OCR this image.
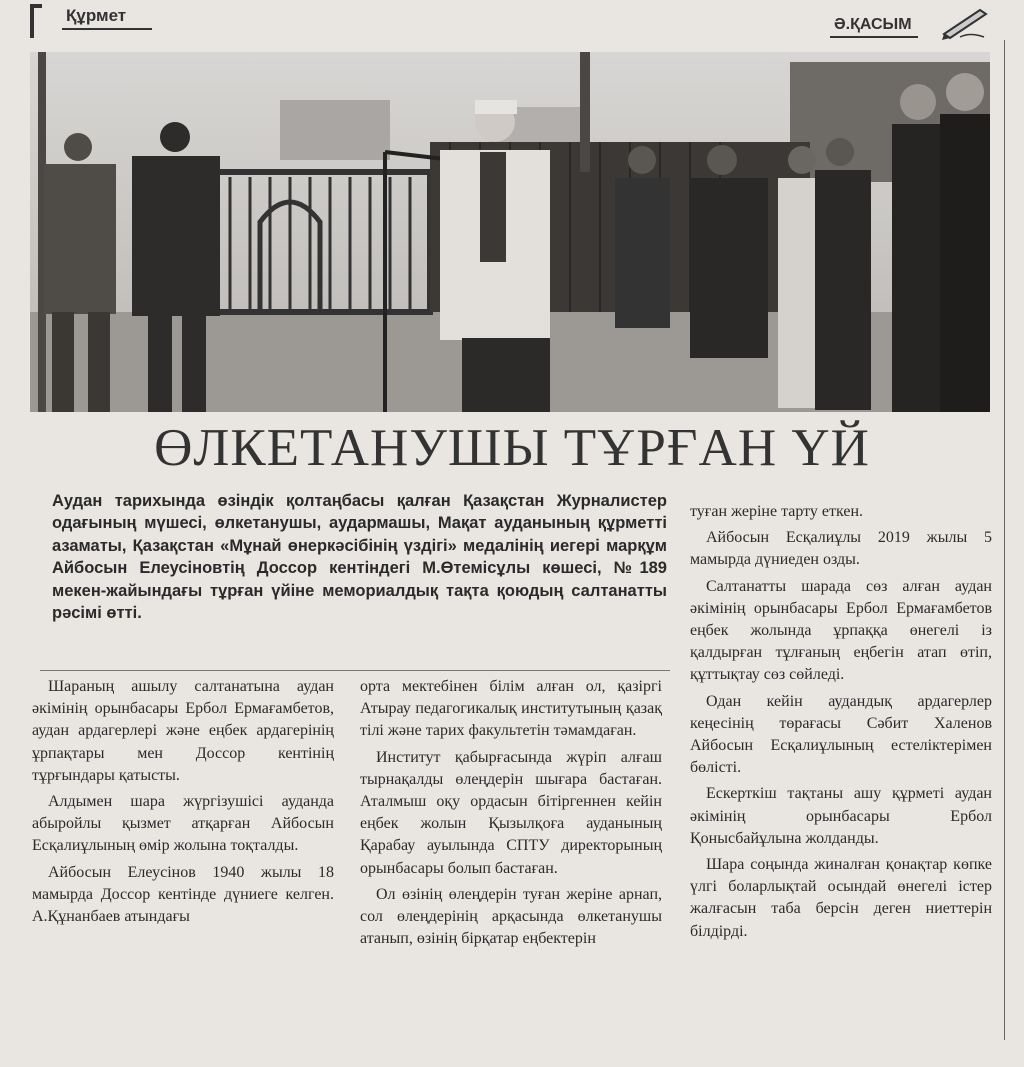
Құрмет	Ә.ҚАСЫМ
ӨЛКЕТАНУШЫ ТҰРҒАН ҮЙ

Аудан тарихында өзіндік қолтаңбасы қалған Қазақстан Журналистер одағының мүшесі, өлкетанушы, аудармашы, Мақат ауданының құрметті азаматы, Қазақстан «Мұнай өнеркәсібінің үздігі» медалінің иегері марқұм Айбосын Елеусіновтің Доссор кентіндегі М.Өтемісұлы көшесі, №189 мекен-жайындағы тұрған үйіне мемориалдық тақта қоюдың салтанатты рәсімі өтті.

Шараның ашылу салтанатына аудан әкімінің орынбасары Ербол Ермағамбетов, аудан ардагерлері және еңбек ардагерінің ұрпақтары мен Доссор кентінің тұрғындары қатысты.

Алдымен шара жүргізушісі ауданда абыройлы қызмет атқарған Айбосын Есқалиұлының өмір жолына тоқталды.

Айбосын Елеусінов 1940 жылы 18 мамырда Доссор кентінде дүниеге келген. А.Құнанбаев атындағы

орта мектебінен білім алған ол, қазіргі Атырау педагогикалық институтының қазақ тілі және тарих факультетін тәмамдаған.

Институт қабырғасында жүріп алғаш тырнақалды өлеңдерін шығара бастаған. Аталмыш оқу ордасын бітіргеннен кейін еңбек жолын Қызылқоға ауданының Қарабау ауылында СПТУ директорының орынбасары болып бастаған.

Ол өзінің өлеңдерін туған жеріне арнап, сол өлеңдерінің арқасында өлкетанушы атанып, өзінің бірқатар еңбектерін

туған жеріне тарту еткен.

Айбосын Есқалиұлы 2019 жылы 5 мамырда дүниеден озды.

Салтанатты шарада сөз алған аудан әкімінің орынбасары Ербол Ермағамбетов еңбек жолында ұрпаққа өнегелі із қалдырған тұлғаның еңбегін атап өтіп, құттықтау сөз сөйледі.

Одан кейін аудандық ардагерлер кеңесінің төрағасы Сәбит Халенов Айбосын Есқалиұлының естеліктерімен бөлісті.

Ескерткіш тақтаны ашу құрметі аудан әкімінің орынбасары Ербол Қонысбайұлына жолданды.

Шара соңында жиналған қонақтар көпке үлгі боларлықтай осындай өнегелі істер жалғасын таба берсін деген ниеттерін білдірді.
